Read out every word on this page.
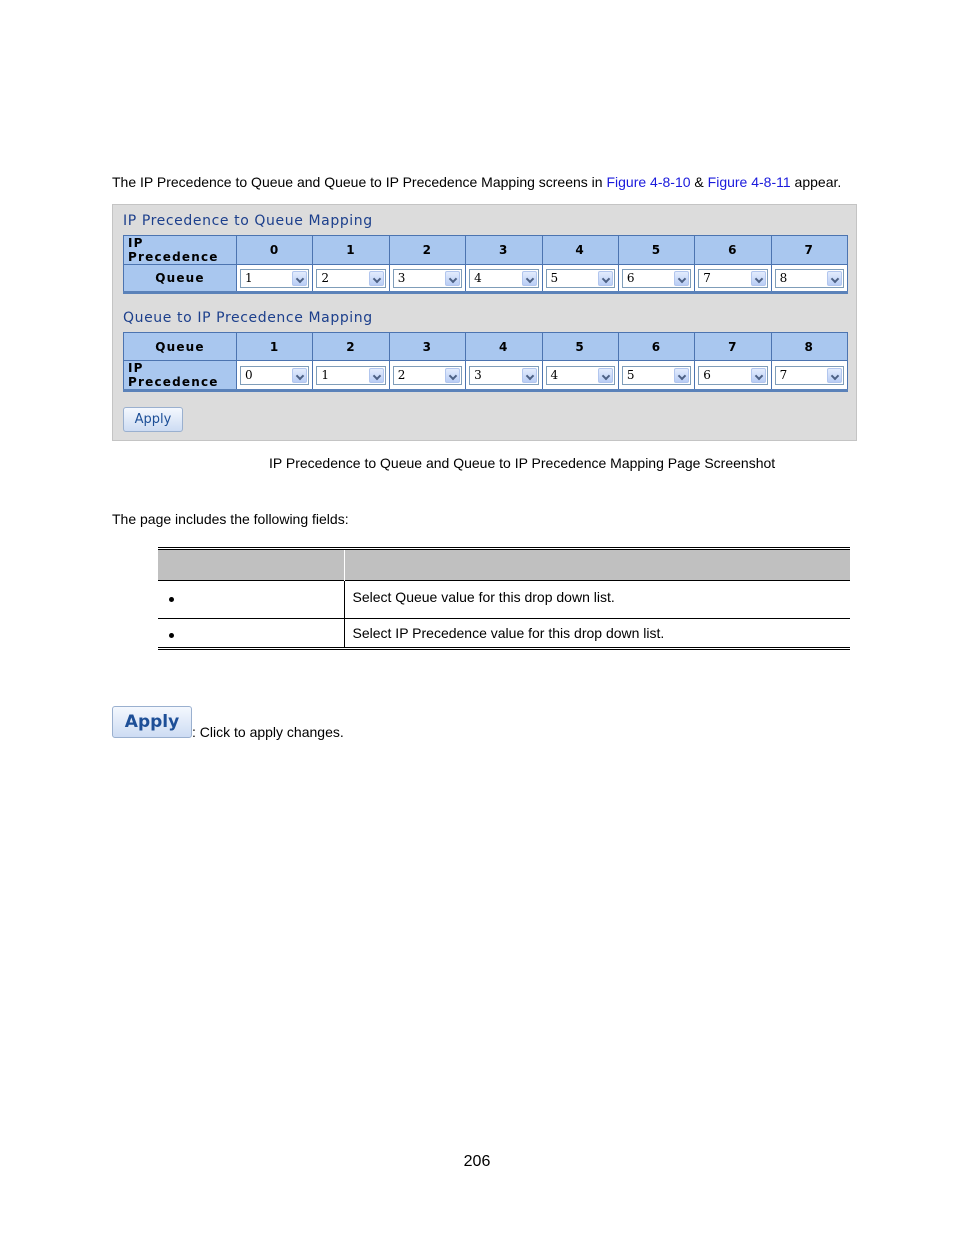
The IP Precedence to Queue and Queue to IP Precedence Mapping screens in Figure 4-8-10 & Figure 4-8-11 appear.

IP Precedence to Queue Mapping
IP Precedence	0	1	2	3	4	5	6	7
Queue	1	2	3	4	5	6	7	8
Queue to IP Precedence Mapping
Queue	1	2	3	4	5	6	7	8
IP Precedence	0	1	2	3	4	5	6	7
Apply
IP Precedence to Queue and Queue to IP Precedence Mapping Page Screenshot
The page includes the following fields:

	Select Queue value for this drop down list.
	Select IP Precedence value for this drop down list.
Apply : Click to apply changes.
206
